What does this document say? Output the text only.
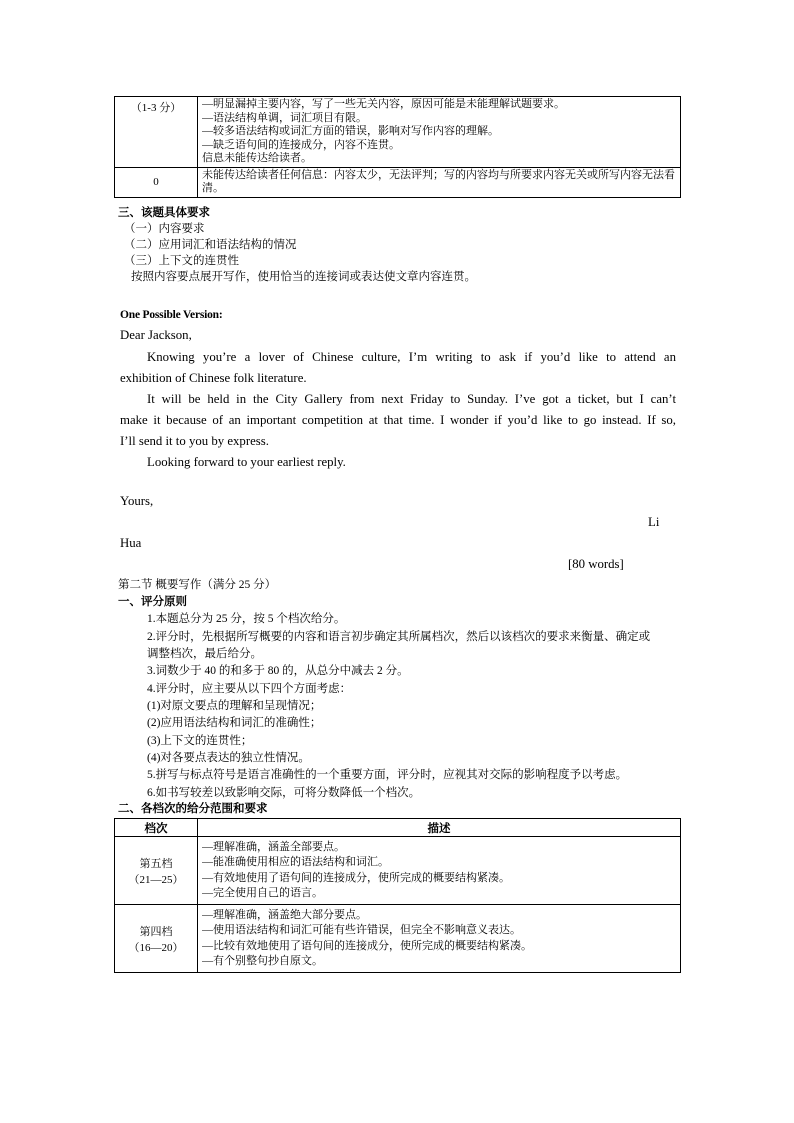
（1-3 分）	—明显漏掉主要内容，写了一些无关内容，原因可能是未能理解试题要求。
—语法结构单调，词汇项目有限。
—较多语法结构或词汇方面的错误，影响对写作内容的理解。
—缺乏语句间的连接成分，内容不连贯。
信息未能传达给读者。

0	未能传达给读者任何信息：内容太少，无法评判；写的内容均与所要求内容无关或所写内容无法看清。
三、该题具体要求
（一）内容要求
（二）应用词汇和语法结构的情况
（三）上下文的连贯性
按照内容要点展开写作，使用恰当的连接词或表达使文章内容连贯。
One Possible Version:
Dear Jackson,
Knowing you’re a lover of Chinese culture, I’m writing to ask if you’d like to attend an
exhibition of Chinese folk literature.
It will be held in the City Gallery from next Friday to Sunday. I’ve got a ticket, but I can’t
make it because of an important competition at that time. I wonder if you’d like to go instead. If so,
I’ll send it to you by express.
Looking forward to your earliest reply.
Yours,
Li
Hua
[80 words]
第二节 概要写作（满分 25 分）
一、评分原则
1.本题总分为 25 分，按 5 个档次给分。
2.评分时，先根据所写概要的内容和语言初步确定其所属档次，然后以该档次的要求来衡量、确定或
调整档次，最后给分。
3.词数少于 40 的和多于 80 的，从总分中减去 2 分。
4.评分时，应主要从以下四个方面考虑：
(1)对原文要点的理解和呈现情况；
(2)应用语法结构和词汇的准确性；
(3)上下文的连贯性；
(4)对各要点表达的独立性情况。
5.拼写与标点符号是语言准确性的一个重要方面，评分时，应视其对交际的影响程度予以考虑。
6.如书写较差以致影响交际，可将分数降低一个档次。
二、各档次的给分范围和要求
档次	描述

第五档
（21—25）	—理解准确，涵盖全部要点。
—能准确使用相应的语法结构和词汇。
—有效地使用了语句间的连接成分，使所完成的概要结构紧凑。
—完全使用自己的语言。

第四档
（16—20）	—理解准确，涵盖绝大部分要点。
—使用语法结构和词汇可能有些许错误，但完全不影响意义表达。
—比较有效地使用了语句间的连接成分，使所完成的概要结构紧凑。
—有个别整句抄自原文。
